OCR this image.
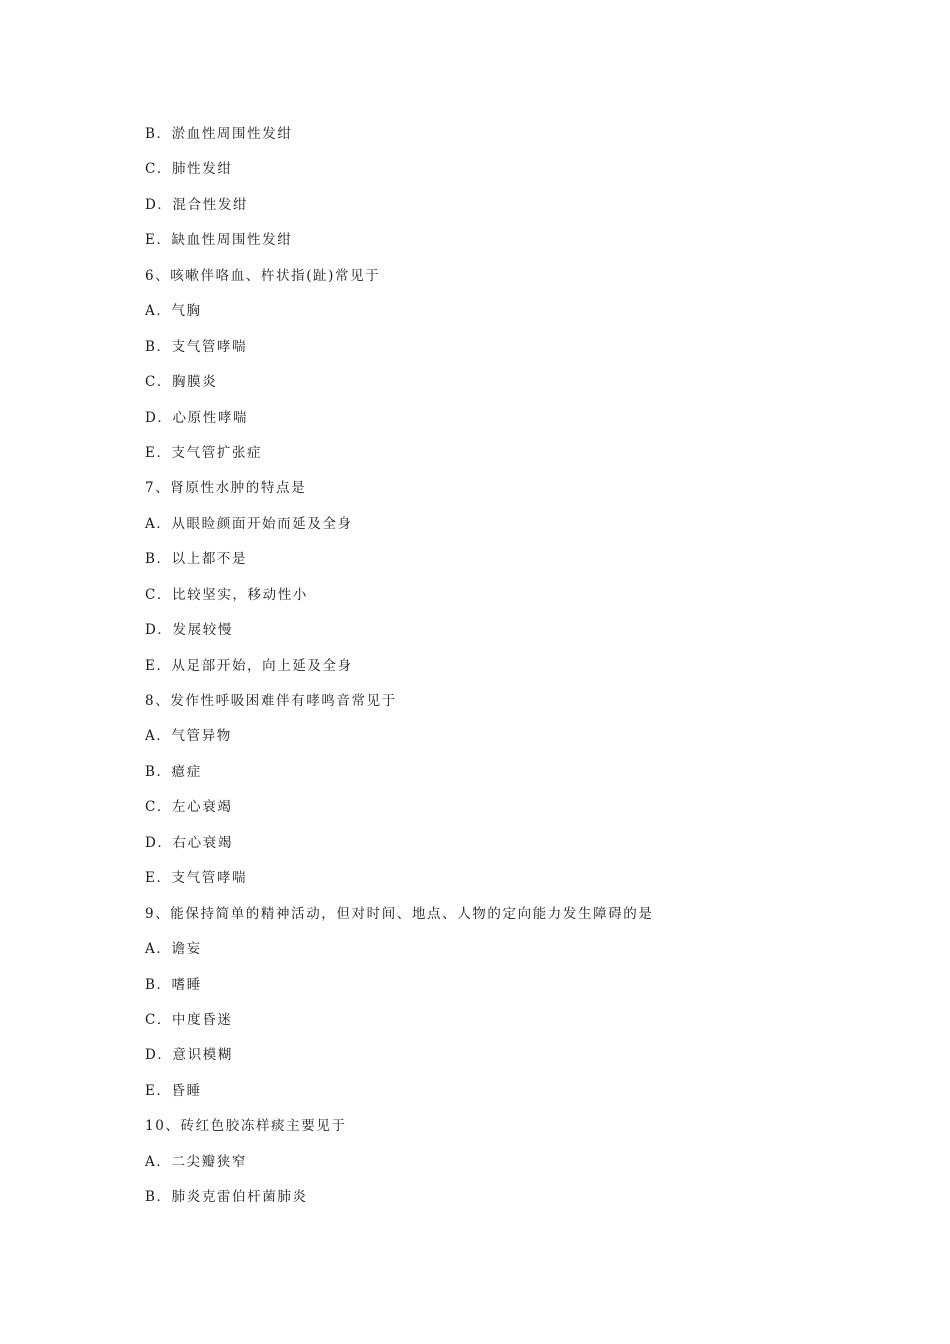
B．淤血性周围性发绀
C．肺性发绀
D．混合性发绀
E．缺血性周围性发绀
6、咳嗽伴咯血、杵状指(趾)常见于
A．气胸
B．支气管哮喘
C．胸膜炎
D．心原性哮喘
E．支气管扩张症
7、肾原性水肿的特点是
A．从眼睑颜面开始而延及全身
B．以上都不是
C．比较坚实，移动性小
D．发展较慢
E．从足部开始，向上延及全身
8、发作性呼吸困难伴有哮鸣音常见于
A．气管异物
B．癔症
C．左心衰竭
D．右心衰竭
E．支气管哮喘
9、能保持简单的精神活动，但对时间、地点、人物的定向能力发生障碍的是
A．谵妄
B．嗜睡
C．中度昏迷
D．意识模糊
E．昏睡
10、砖红色胶冻样痰主要见于
A．二尖瓣狭窄
B．肺炎克雷伯杆菌肺炎
